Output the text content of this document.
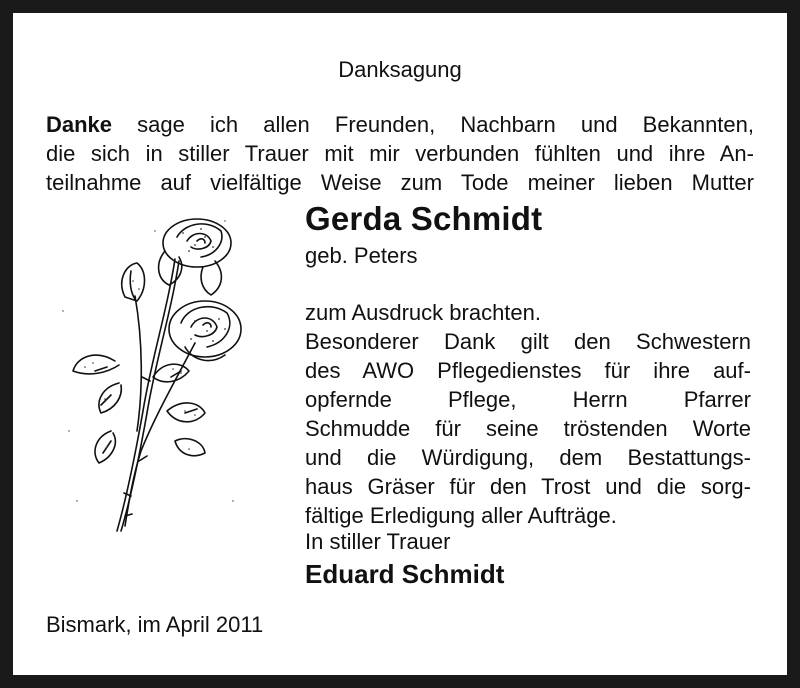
Danksagung
Danke sage ich allen Freunden, Nachbarn und Bekannten,
die sich in stiller Trauer mit mir verbunden fühlten und ihre An-
teilnahme auf vielfältige Weise zum Tode meiner lieben Mutter
Gerda Schmidt
geb. Peters
zum Ausdruck brachten.
Besonderer Dank gilt den Schwestern
des AWO Pflegedienstes für ihre auf-
opfernde Pflege, Herrn Pfarrer
Schmudde für seine tröstenden Worte
und die Würdigung, dem Bestattungs-
haus Gräser für den Trost und die sorg-
fältige Erledigung aller Aufträge.
In stiller Trauer
Eduard Schmidt
Bismark, im April 2011
